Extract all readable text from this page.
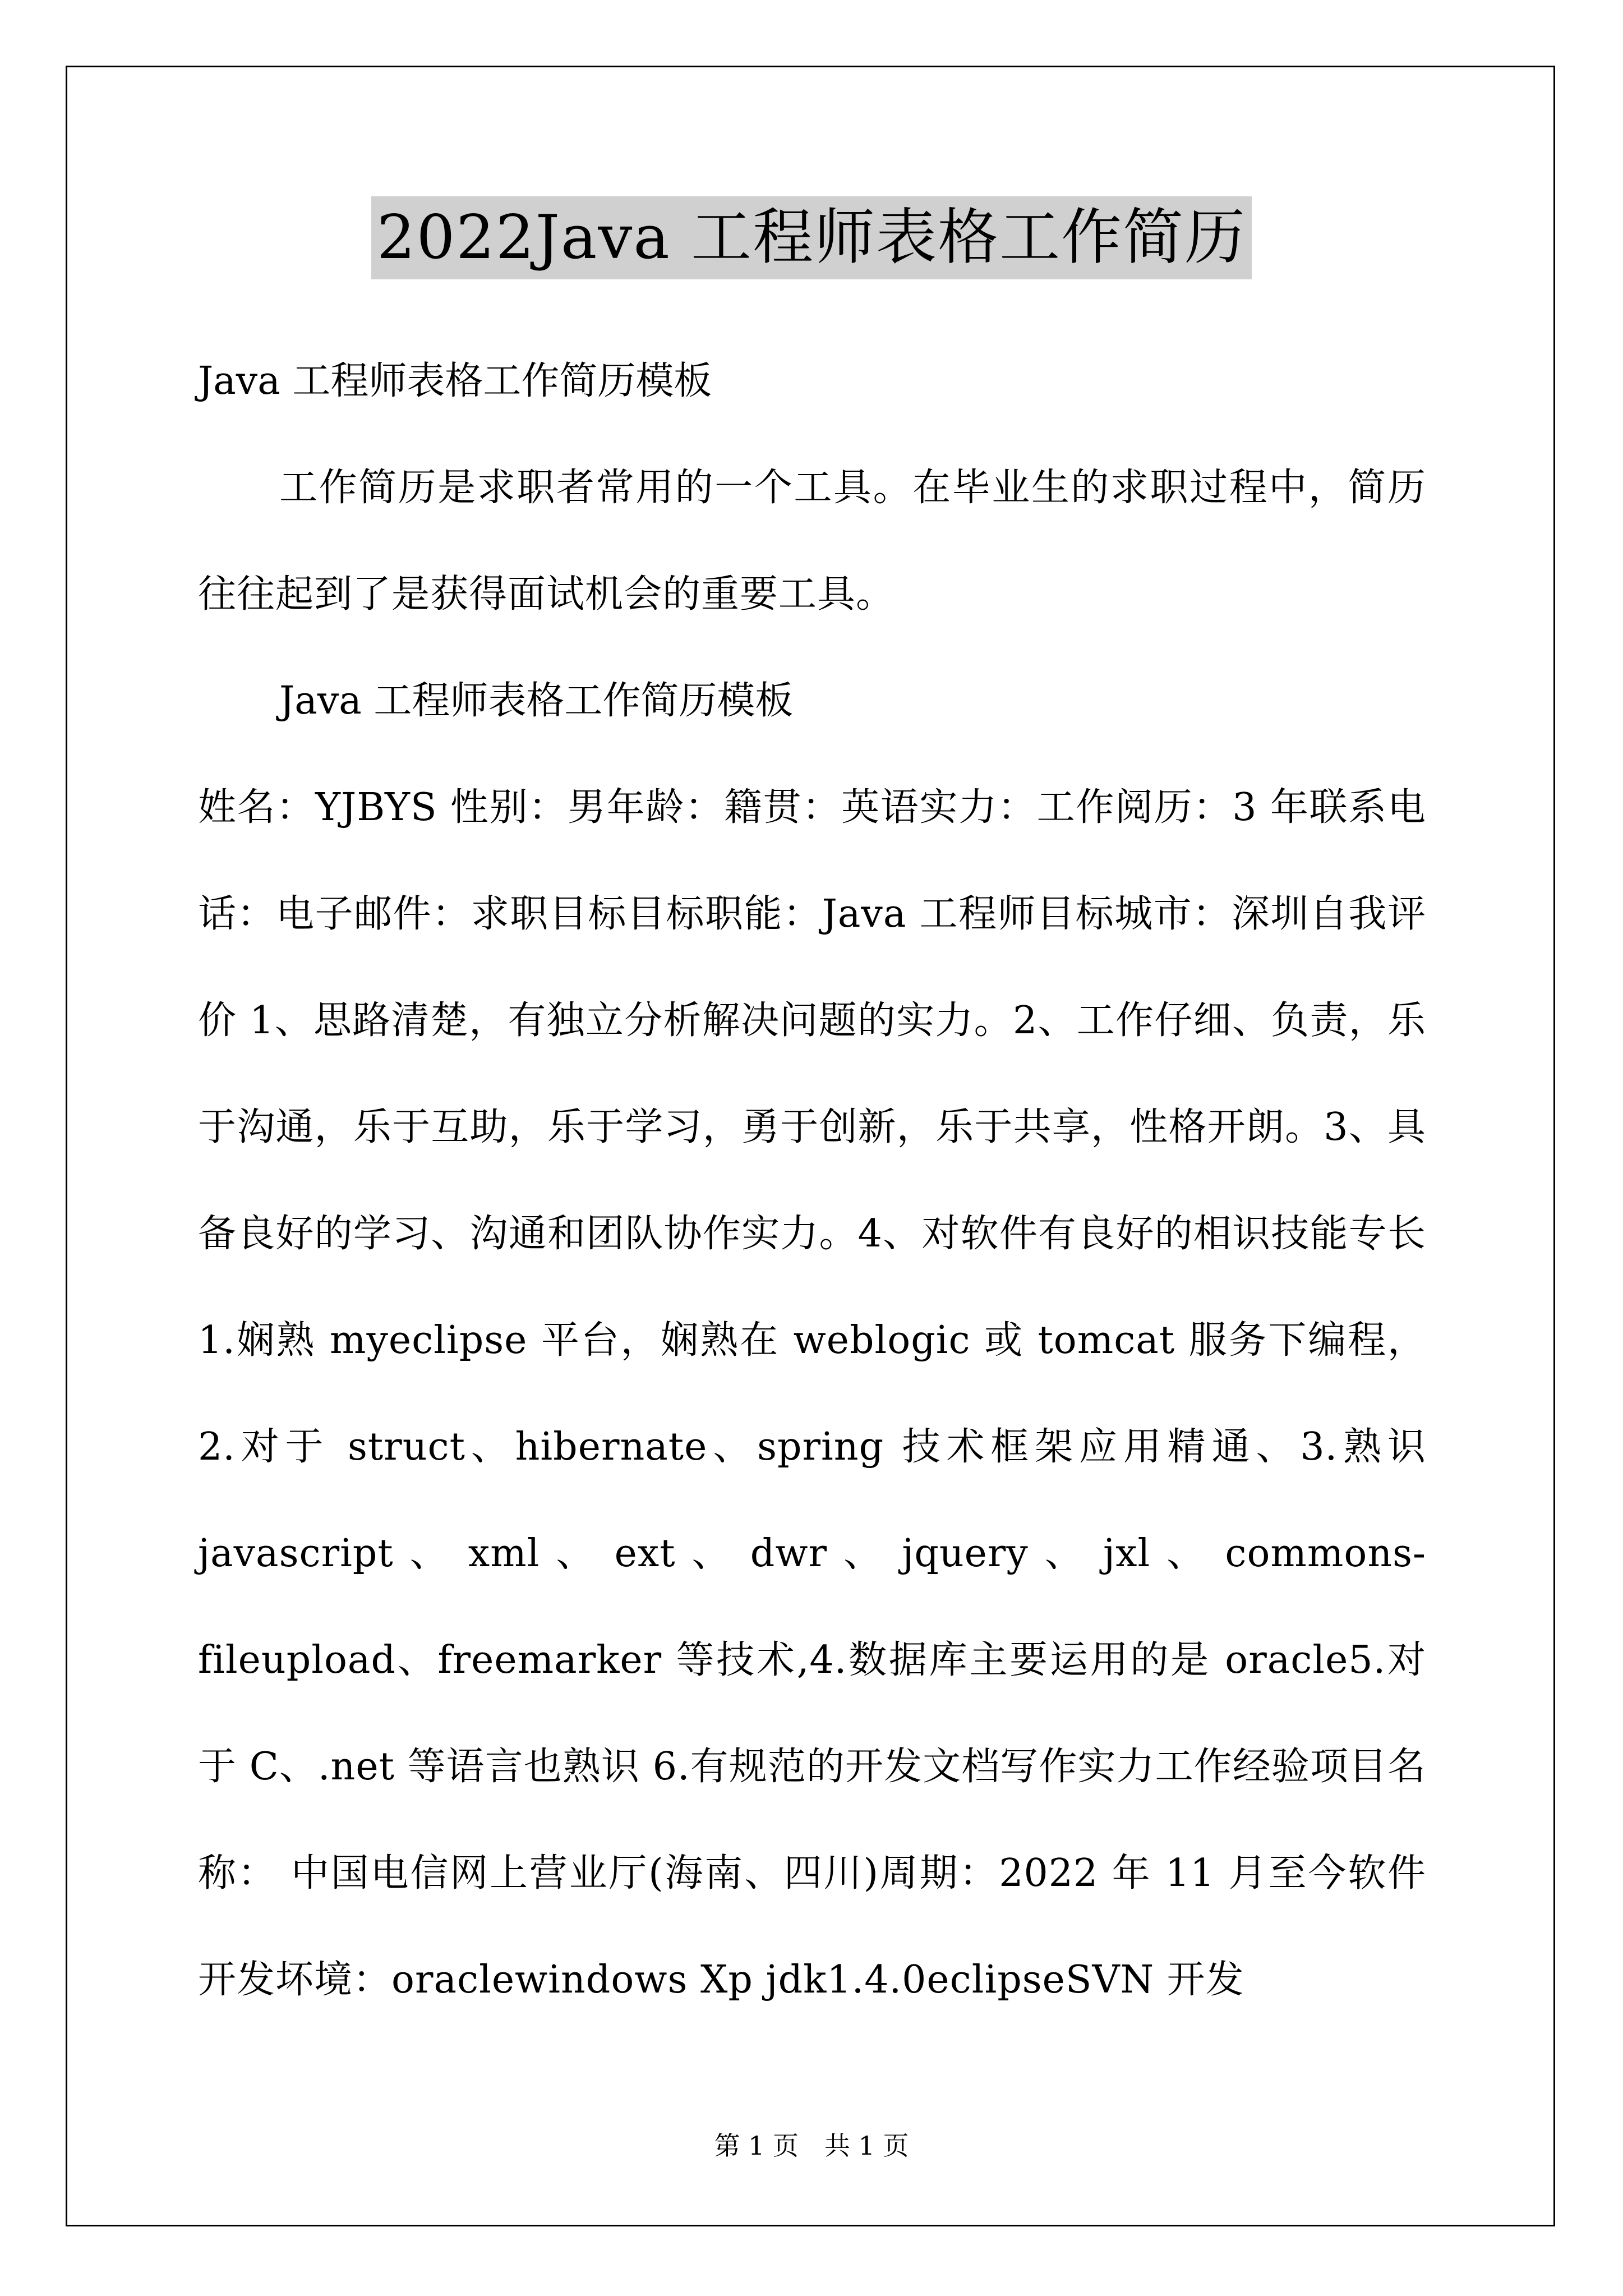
2022Java 工程师表格工作简历

Java 工程师表格工作简历模板

工作简历是求职者常用的一个工具。在毕业生的求职过程中，简历往往起到了是获得面试机会的重要工具。

Java 工程师表格工作简历模板

姓名：YJBYS 性别：男年龄：籍贯：英语实力：工作阅历：3 年联系电话：电子邮件：求职目标目标职能：Java 工程师目标城市：深圳自我评价 1、思路清楚，有独立分析解决问题的实力。2、工作仔细、负责，乐于沟通，乐于互助，乐于学习，勇于创新，乐于共享，性格开朗。3、具备良好的学习、沟通和团队协作实力。4、对软件有良好的相识技能专长 1.娴熟 myeclipse 平台，娴熟在 weblogic 或 tomcat 服务下编程，2.对于 struct、hibernate、spring 技术框架应用精通、3.熟识 javascript 、 xml 、 ext 、 dwr 、 jquery 、 jxl 、 commons-fileupload、freemarker 等技术,4.数据库主要运用的是 oracle5.对于 C、.net 等语言也熟识 6.有规范的开发文档写作实力工作经验项目名称： 中国电信网上营业厅(海南、四川)周期：2022 年 11 月至今软件开发坏境：oraclewindows Xp jdk1.4.0eclipseSVN 开发

第 1 页　共 1 页
